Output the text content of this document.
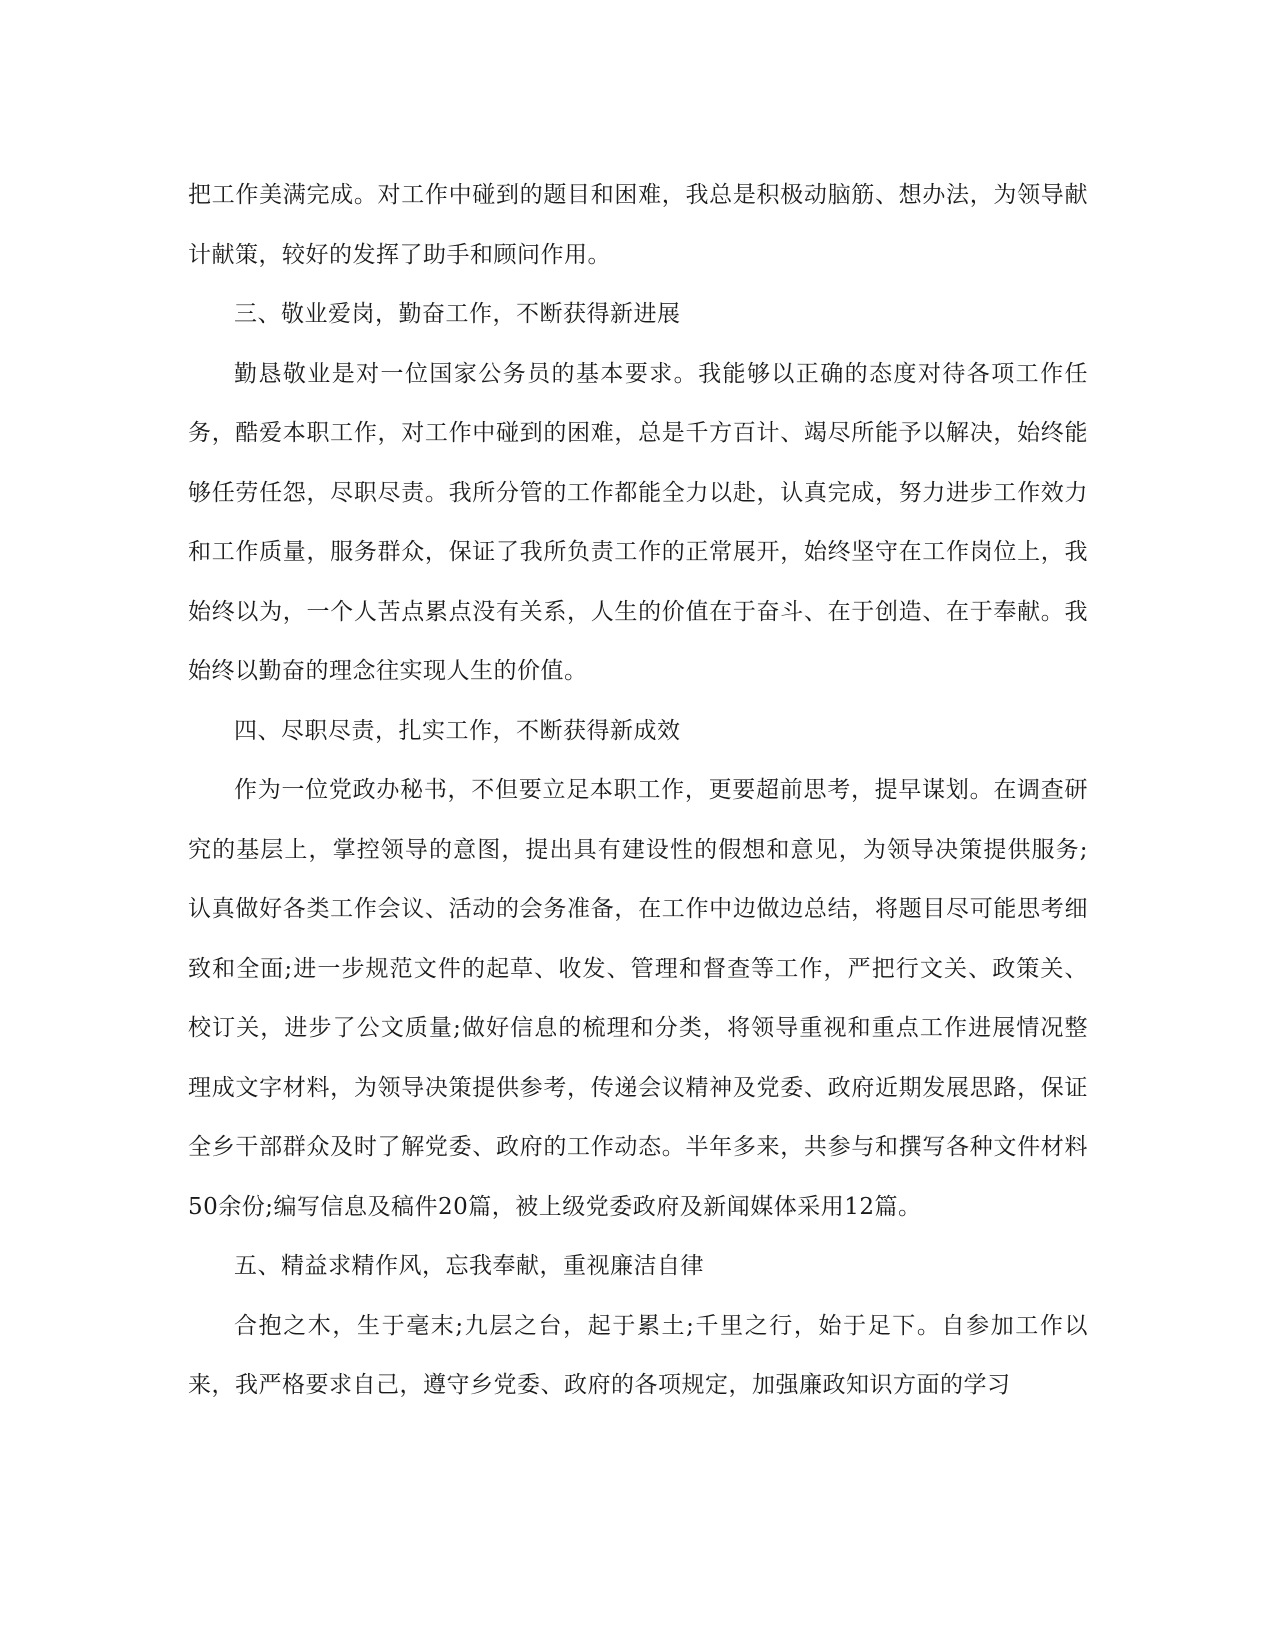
把工作美满完成。对工作中碰到的题目和困难，我总是积极动脑筋、想办法，为领导献计献策，较好的发挥了助手和顾问作用。

三、敬业爱岗，勤奋工作，不断获得新进展

勤恳敬业是对一位国家公务员的基本要求。我能够以正确的态度对待各项工作任务，酷爱本职工作，对工作中碰到的困难，总是千方百计、竭尽所能予以解决，始终能够任劳任怨，尽职尽责。我所分管的工作都能全力以赴，认真完成，努力进步工作效力和工作质量，服务群众，保证了我所负责工作的正常展开，始终坚守在工作岗位上，我始终以为，一个人苦点累点没有关系，人生的价值在于奋斗、在于创造、在于奉献。我始终以勤奋的理念往实现人生的价值。

四、尽职尽责，扎实工作，不断获得新成效

作为一位党政办秘书，不但要立足本职工作，更要超前思考，提早谋划。在调查研究的基层上，掌控领导的意图，提出具有建设性的假想和意见，为领导决策提供服务;认真做好各类工作会议、活动的会务准备，在工作中边做边总结，将题目尽可能思考细致和全面;进一步规范文件的起草、收发、管理和督查等工作，严把行文关、政策关、校订关，进步了公文质量;做好信息的梳理和分类，将领导重视和重点工作进展情况整理成文字材料，为领导决策提供参考，传递会议精神及党委、政府近期发展思路，保证全乡干部群众及时了解党委、政府的工作动态。半年多来，共参与和撰写各种文件材料50余份;编写信息及稿件20篇，被上级党委政府及新闻媒体采用12篇。

五、精益求精作风，忘我奉献，重视廉洁自律

合抱之木，生于毫末;九层之台，起于累土;千里之行，始于足下。自参加工作以来，我严格要求自己，遵守乡党委、政府的各项规定，加强廉政知识方面的学习
